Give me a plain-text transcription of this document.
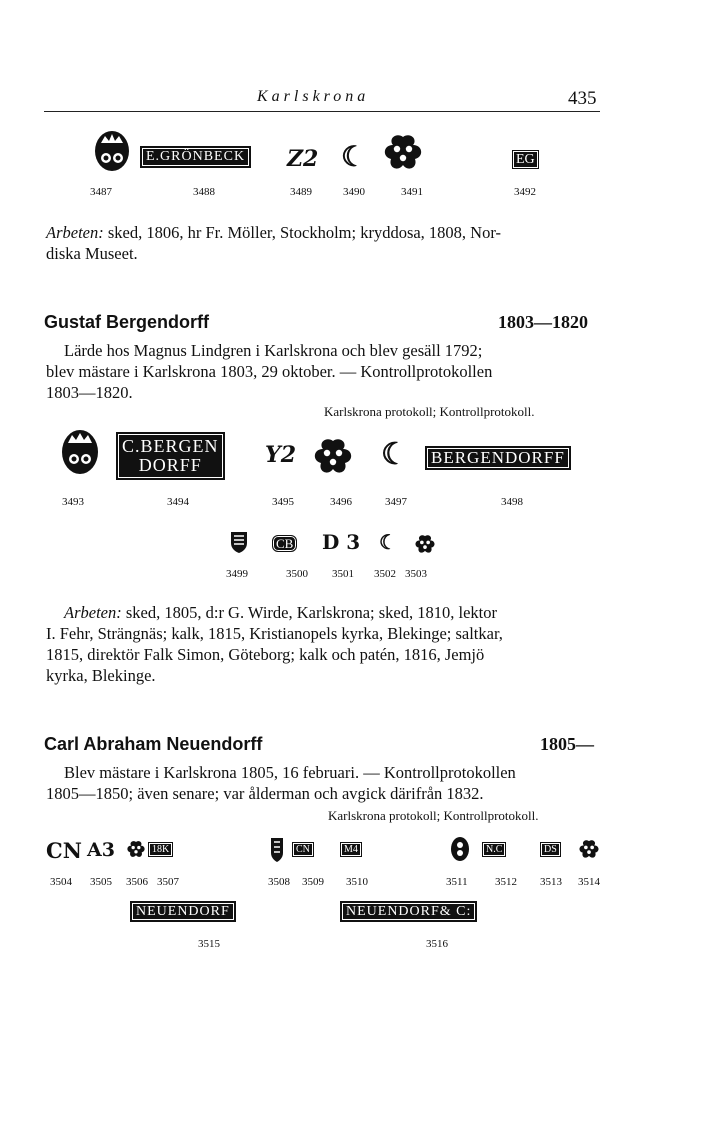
Karlskrona	435
E.GRÖNBECK Z2 ☾	EG
3487	3488	3489	3490	3491	3492
Arbeten: sked, 1806, hr Fr. Möller, Stockholm; kryddosa, 1808, Nor-
diska Museet.
Gustaf Bergendorff	1803—1820
Lärde hos Magnus Lindgren i Karlskrona och blev gesäll 1792;
blev mästare i Karlskrona 1803, 29 oktober. — Kontrollprotokollen
1803—1820.
Karlskrona protokoll; Kontrollprotokoll.
C.BERGEN
DORFF	Y2	☾	BERGENDORFF
3493	3494	3495	3496	3497	3498
CB D 3 ☾
3499	3500 3501 3502 3503
Arbeten: sked, 1805, d:r G. Wirde, Karlskrona; sked, 1810, lektor
I. Fehr, Strängnäs; kalk, 1815, Kristianopels kyrka, Blekinge; saltkar,
1815, direktör Falk Simon, Göteborg; kalk och patén, 1816, Jemjö
kyrka, Blekinge.
Carl Abraham Neuendorff	1805—
Blev mästare i Karlskrona 1805, 16 februari. — Kontrollprotokollen
1805—1850; även senare; var ålderman och avgick därifrån 1832.
Karlskrona protokoll; Kontrollprotokoll.
CN A3	18K	CN	M4	N.C	DS
3504 3505 3506 3507	3508 3509 3510	3511 3512 3513 3514
NEUENDORF	NEUENDORF& C:
3515	3516
